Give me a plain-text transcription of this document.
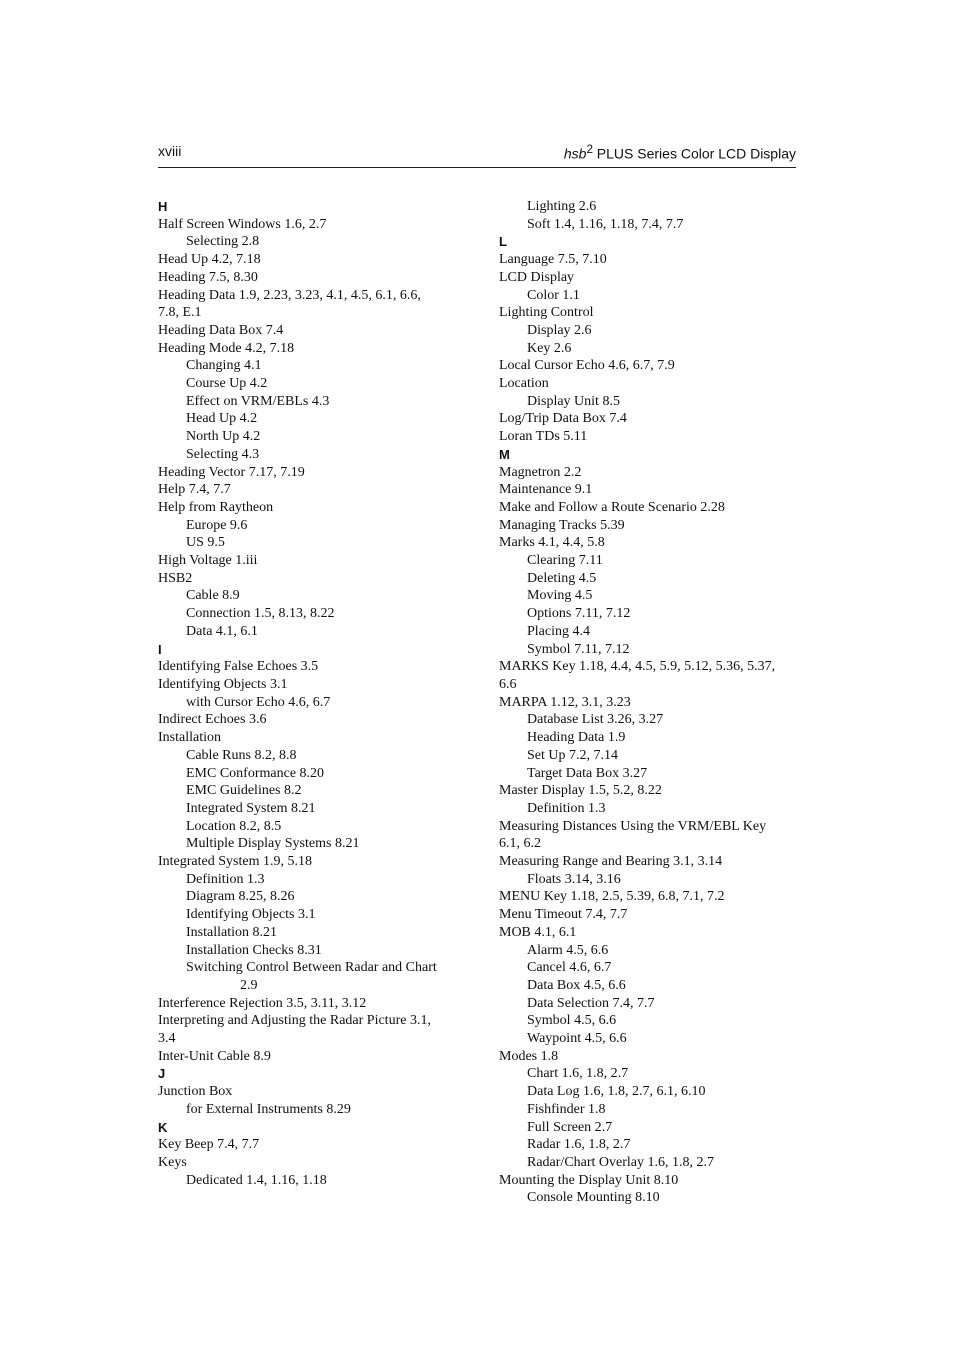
xviii	hsb$^2$ PLUS Series Color LCD Display
H
Half Screen Windows 1.6, 2.7
Selecting 2.8
Head Up 4.2, 7.18
Heading 7.5, 8.30
Heading Data 1.9, 2.23, 3.23, 4.1, 4.5, 6.1, 6.6,
7.8, E.1
Heading Data Box 7.4
Heading Mode 4.2, 7.18
Changing 4.1
Course Up 4.2
Effect on VRM/EBLs 4.3
Head Up 4.2
North Up 4.2
Selecting 4.3
Heading Vector 7.17, 7.19
Help 7.4, 7.7
Help from Raytheon
Europe 9.6
US 9.5
High Voltage 1.iii
HSB2
Cable 8.9
Connection 1.5, 8.13, 8.22
Data 4.1, 6.1
I
Identifying False Echoes 3.5
Identifying Objects 3.1
with Cursor Echo 4.6, 6.7
Indirect Echoes 3.6
Installation
Cable Runs 8.2, 8.8
EMC Conformance 8.20
EMC Guidelines 8.2
Integrated System 8.21
Location 8.2, 8.5
Multiple Display Systems 8.21
Integrated System 1.9, 5.18
Definition 1.3
Diagram 8.25, 8.26
Identifying Objects 3.1
Installation 8.21
Installation Checks 8.31
Switching Control Between Radar and Chart
2.9
Interference Rejection 3.5, 3.11, 3.12
Interpreting and Adjusting the Radar Picture 3.1,
3.4
Inter-Unit Cable 8.9
J
Junction Box
for External Instruments 8.29
K
Key Beep 7.4, 7.7
Keys
Dedicated 1.4, 1.16, 1.18
Lighting 2.6
Soft 1.4, 1.16, 1.18, 7.4, 7.7
L
Language 7.5, 7.10
LCD Display
Color 1.1
Lighting Control
Display 2.6
Key 2.6
Local Cursor Echo 4.6, 6.7, 7.9
Location
Display Unit 8.5
Log/Trip Data Box 7.4
Loran TDs 5.11
M
Magnetron 2.2
Maintenance 9.1
Make and Follow a Route Scenario 2.28
Managing Tracks 5.39
Marks 4.1, 4.4, 5.8
Clearing 7.11
Deleting 4.5
Moving 4.5
Options 7.11, 7.12
Placing 4.4
Symbol 7.11, 7.12
MARKS Key 1.18, 4.4, 4.5, 5.9, 5.12, 5.36, 5.37,
6.6
MARPA 1.12, 3.1, 3.23
Database List 3.26, 3.27
Heading Data 1.9
Set Up 7.2, 7.14
Target Data Box 3.27
Master Display 1.5, 5.2, 8.22
Definition 1.3
Measuring Distances Using the VRM/EBL Key
6.1, 6.2
Measuring Range and Bearing 3.1, 3.14
Floats 3.14, 3.16
MENU Key 1.18, 2.5, 5.39, 6.8, 7.1, 7.2
Menu Timeout 7.4, 7.7
MOB 4.1, 6.1
Alarm 4.5, 6.6
Cancel 4.6, 6.7
Data Box 4.5, 6.6
Data Selection 7.4, 7.7
Symbol 4.5, 6.6
Waypoint 4.5, 6.6
Modes 1.8
Chart 1.6, 1.8, 2.7
Data Log 1.6, 1.8, 2.7, 6.1, 6.10
Fishfinder 1.8
Full Screen 2.7
Radar 1.6, 1.8, 2.7
Radar/Chart Overlay 1.6, 1.8, 2.7
Mounting the Display Unit 8.10
Console Mounting 8.10
